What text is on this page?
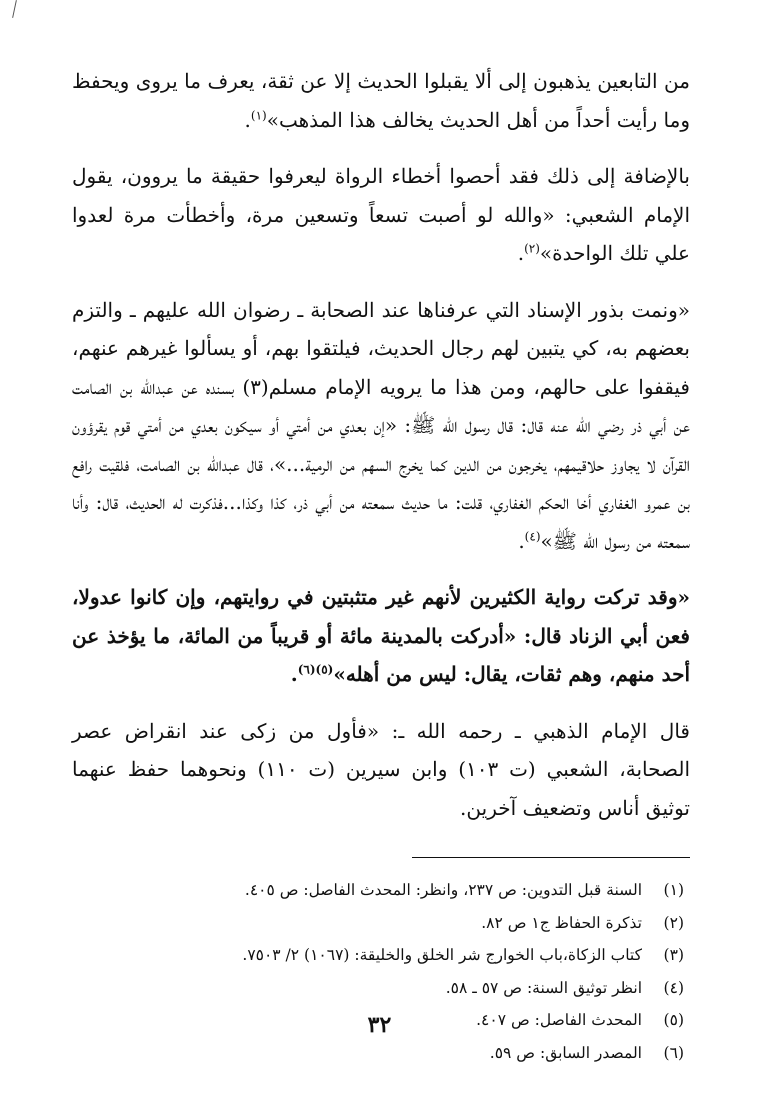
من التابعين يذهبون إلى ألا يقبلوا الحديث إلا عن ثقة، يعرف ما يروى ويحفظ وما رأيت أحداً من أهل الحديث يخالف هذا المذهب»$^{(١)}$.

بالإضافة إلى ذلك فقد أحصوا أخطاء الرواة ليعرفوا حقيقة ما يروون، يقول الإمام الشعبي: «والله لو أصبت تسعاً وتسعين مرة، وأخطأت مرة لعدوا علي تلك الواحدة»$^{(٢)}$.

«ونمت بذور الإسناد التي عرفناها عند الصحابة ـ رضوان الله عليهم ـ والتزم بعضهم به، كي يتبين لهم رجال الحديث، فيلتقوا بهم، أو يسألوا غيرهم عنهم، فيقفوا على حالهم، ومن هذا ما يرويه الإمام مسلم(٣) بسنده عن عبدالله بن الصامت عن أبي ذر رضي الله عنه قال: قال رسول الله ﷺ: «إن بعدي من أمتي أو سيكون بعدي من أمتي قوم يقرؤون القرآن لا يجاوز حلاقيمهم، يخرجون من الدين كما يخرج السهم من الرمية...»، قال عبدالله بن الصامت، فلقيت رافع بن عمرو الغفاري أخا الحكم الغفاري، قلت: ما حديث سمعته من أبي ذر، كذا وكذا...فذكرت له الحديث، قال: وأنا سمعته من رسول الله ﷺ»$^{(٤)}$.

«وقد تركت رواية الكثيرين لأنهم غير متثبتين في روايتهم، وإن كانوا عدولا، فعن أبي الزناد قال: «أدركت بالمدينة مائة أو قريباً من المائة، ما يؤخذ عن أحد منهم، وهم ثقات، يقال: ليس من أهله»$^{(٥)(٦)}$.

قال الإمام الذهبي ـ رحمه الله ـ: «فأول من زكى عند انقراض عصر الصحابة، الشعبي (ت ١٠٣) وابن سيرين (ت ١١٠) ونحوهما حفظ عنهما توثيق أناس وتضعيف آخرين.

(١)
السنة قبل التدوين: ص ٢٣٧، وانظر: المحدث الفاصل: ص ٤٠٥.
(٢)
تذكرة الحفاظ ج١ ص ٨٢.
(٣)
كتاب الزكاة،باب الخوارج شر الخلق والخليقة: (١٠٦٧) ٢/ ٧٥٠٣.
(٤)
انظر توثيق السنة: ص ٥٧ ـ ٥٨.
(٥)
المحدث الفاصل: ص ٤٠٧.
(٦)
المصدر السابق: ص ٥٩.
٣٢
